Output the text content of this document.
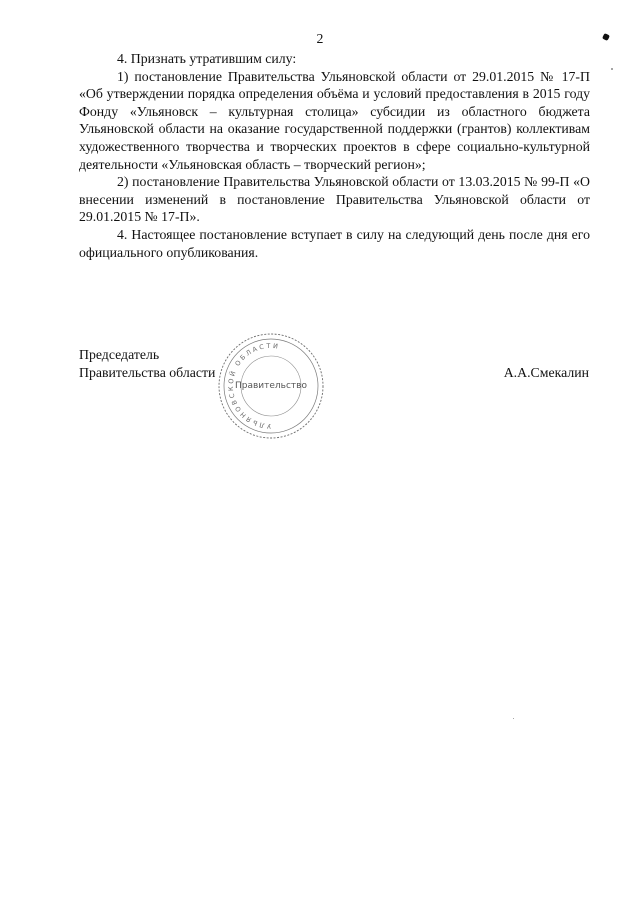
2

4. Признать утратившим силу:

1) постановление Правительства Ульяновской области от 29.01.2015 № 17-П «Об утверждении порядка определения объёма и условий предоставления в 2015 году Фонду «Ульяновск – культурная столица» субсидии из областного бюджета Ульяновской области на оказание государственной поддержки (грантов) коллективам художественного творчества и творческих проектов в сфере социально-культурной деятельности «Ульяновская область – творческий регион»;

2) постановление Правительства Ульяновской области от 13.03.2015 № 99-П «О внесении изменений в постановление Правительства Ульяновской области от 29.01.2015 № 17-П».

4. Настоящее постановление вступает в силу на следующий день после дня его официального опубликования.

УЛЬЯНОВСКОЙ ОБЛАСТИ
Правительство
Председатель
Правительства области	А.А.Смекалин
